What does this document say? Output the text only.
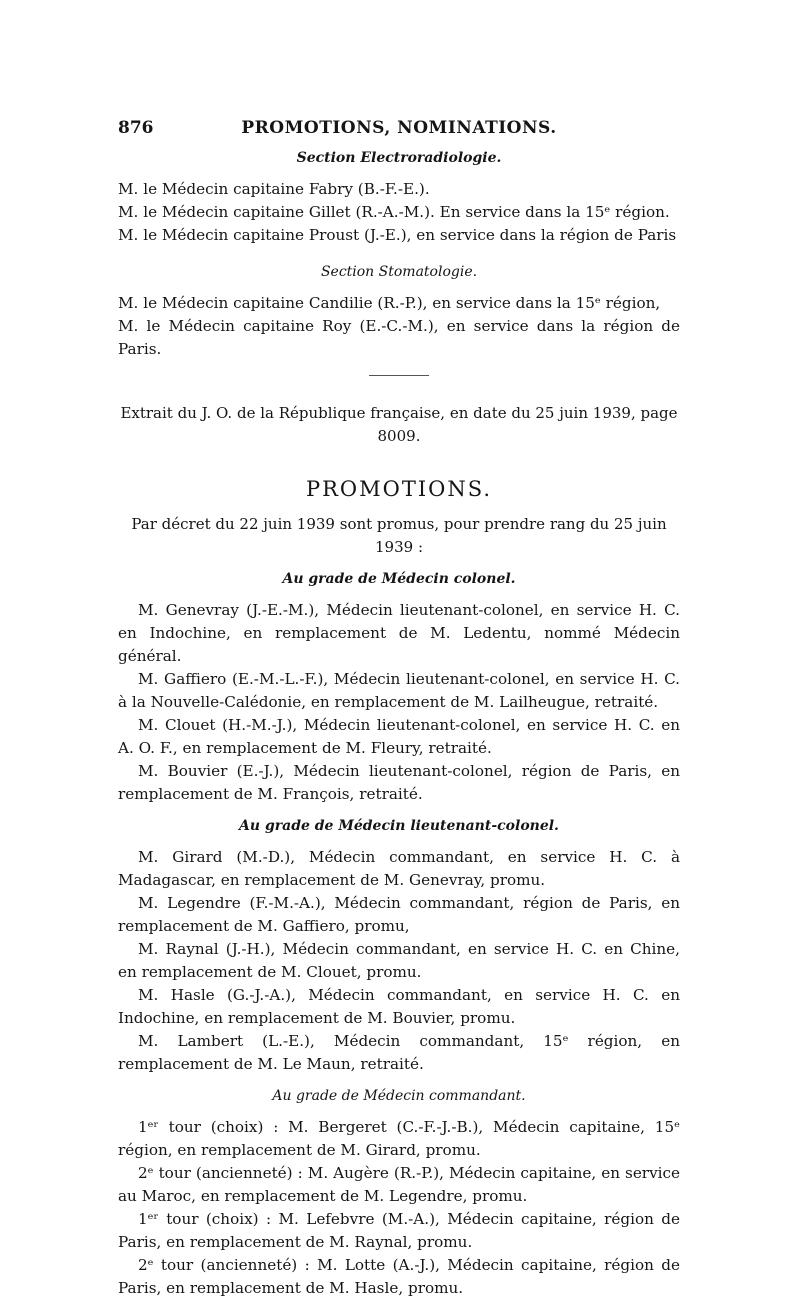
876	PROMOTIONS, NOMINATIONS.

Section Electroradiologie.

M. le Médecin capitaine Fabry (B.-F.-E.).

M. le Médecin capitaine Gillet (R.-A.-M.). En service dans la 15ᵉ région.

M. le Médecin capitaine Proust (J.-E.), en service dans la région de Paris

Section Stomatologie.

M. le Médecin capitaine Candilie (R.-P.), en service dans la 15ᵉ région,

M. le Médecin capitaine Roy (E.-C.-M.), en service dans la région de Paris.

Extrait du J. O. de la République française, en date du 25 juin 1939, page 8009.

PROMOTIONS.

Par décret du 22 juin 1939 sont promus, pour prendre rang du 25 juin 1939 :

Au grade de Médecin colonel.

M. Genevray (J.-E.-M.), Médecin lieutenant-colonel, en service H. C. en Indochine, en remplacement de M. Ledentu, nommé Médecin général.

M. Gaffiero (E.-M.-L.-F.), Médecin lieutenant-colonel, en service H. C. à la Nouvelle-Calédonie, en remplacement de M. Lailheugue, retraité.

M. Clouet (H.-M.-J.), Médecin lieutenant-colonel, en service H. C. en A. O. F., en remplacement de M. Fleury, retraité.

M. Bouvier (E.-J.), Médecin lieutenant-colonel, région de Paris, en remplacement de M. François, retraité.

Au grade de Médecin lieutenant-colonel.

M. Girard (M.-D.), Médecin commandant, en service H. C. à Madagascar, en remplacement de M. Genevray, promu.

M. Legendre (F.-M.-A.), Médecin commandant, région de Paris, en remplacement de M. Gaffiero, promu,

M. Raynal (J.-H.), Médecin commandant, en service H. C. en Chine, en remplacement de M. Clouet, promu.

M. Hasle (G.-J.-A.), Médecin commandant, en service H. C. en Indochine, en remplacement de M. Bouvier, promu.

M. Lambert (L.-E.), Médecin commandant, 15ᵉ région, en remplacement de M. Le Maun, retraité.

Au grade de Médecin commandant.

1ᵉʳ tour (choix) : M. Bergeret (C.-F.-J.-B.), Médecin capitaine, 15ᵉ région, en remplacement de M. Girard, promu.

2ᵉ tour (ancienneté) : M. Augère (R.-P.), Médecin capitaine, en service au Maroc, en remplacement de M. Legendre, promu.

1ᵉʳ tour (choix) : M. Lefebvre (M.-A.), Médecin capitaine, région de Paris, en remplacement de M. Raynal, promu.

2ᵉ tour (ancienneté) : M. Lotte (A.-J.), Médecin capitaine, région de Paris, en remplacement de M. Hasle, promu.
